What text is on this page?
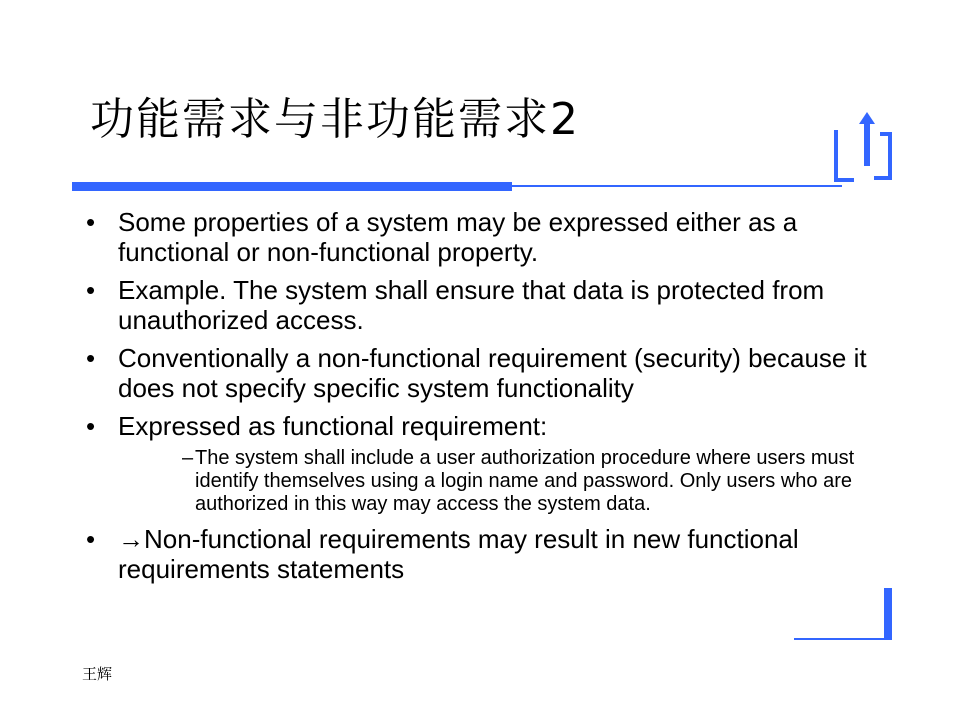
功能需求与非功能需求2
• Some properties of a system may be expressed either as a functional or non-functional property.
• Example. The system shall ensure that data is protected from unauthorized access.
• Conventionally a non-functional requirement (security) because it does not specify specific system functionality
• Expressed as functional requirement:
– The system shall include a user authorization procedure where users must identify themselves using a login name and password. Only users who are authorized in this way may access the system data.
• →Non-functional requirements may result in new functional requirements statements
王辉
